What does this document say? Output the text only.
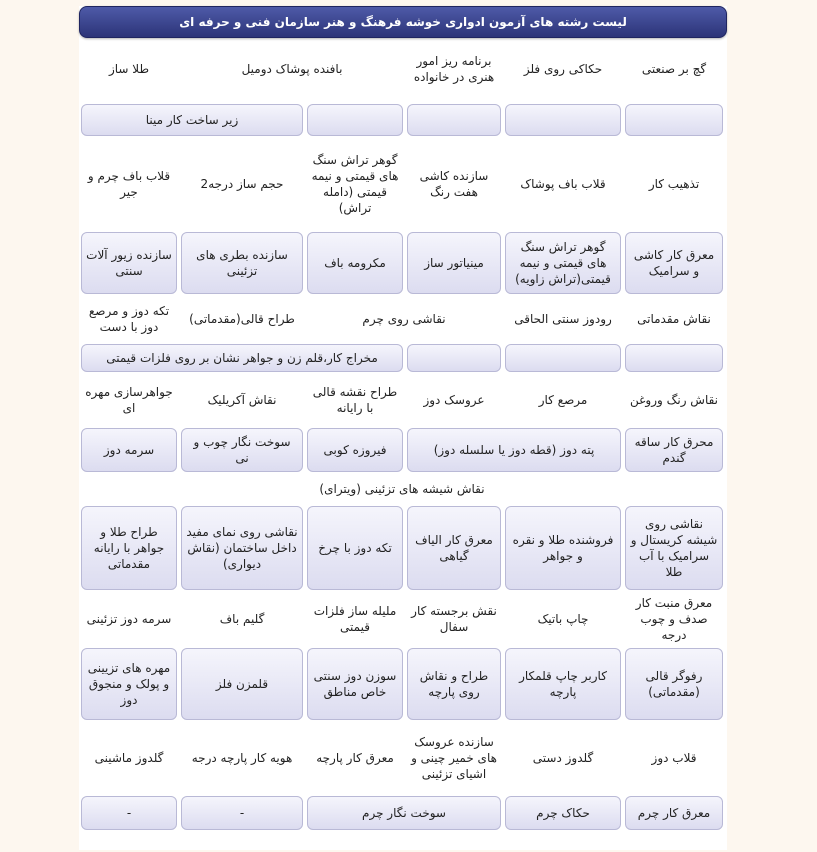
گچ بر صنعتی
حکاکی روی فلز
برنامه ریز امور هنری در خانواده
بافنده پوشاک دومیل
طلا ساز
زیر ساخت کار مینا
تذهیب کار
قلاب باف پوشاک
سازنده کاشی هفت رنگ
گوهر تراش سنگ های قیمتی و نیمه قیمتی (دامله تراش)
حجم ساز درجه2
قلاب باف چرم و جیر
معرق کار کاشی و سرامیک
گوهر تراش سنگ های قیمتی و نیمه قیمتی(تراش زاویه)
مینیاتور ساز
مکرومه باف
سازنده بطری های تزئینی
سازنده زیور آلات سنتی
نقاش مقدماتی
رودوز سنتی الحاقی
نقاشی روی چرم
طراح قالی(مقدماتی)
تکه دوز و مرصع دوز با دست
مخراج کار،قلم زن و جواهر نشان بر روی فلزات قیمتی
نقاش رنگ وروغن
مرصع کار
عروسک دوز
طراح نقشه قالی با رایانه
نقاش آکریلیک
جواهرسازی مهره ای
محرق کار ساقه گندم
پته دوز (قطه دوز یا سلسله دوز)
فیروزه کوبی
سوخت نگار چوب و نی
سرمه دوز
نقاش شیشه های تزئینی (ویترای)
نقاشی روی شیشه کریستال و سرامیک با آب طلا
فروشنده طلا و نقره و جواهر
معرق کار الیاف گیاهی
تکه دوز با چرخ
نقاشی روی نمای مفید داخل ساختمان (نقاش دیواری)
طراح طلا و جواهر با رایانه مقدماتی
معرق منبت کار صدف و چوب درجه
چاپ باتیک
نقش برجسته کار سفال
ملیله ساز فلزات قیمتی
گلیم باف
سرمه دوز تزئینی
رفوگر قالی (مقدماتی)
کاربر چاپ قلمکار پارچه
طراح و نقاش روی پارچه
سوزن دوز سنتی خاص مناطق
قلمزن فلز
مهره های تزیینی و پولک و منجوق دوز
قلاب دوز
گلدوز دستی
سازنده عروسک های خمیر چینی و اشیای تزئینی
معرق کار پارچه
هویه کار پارچه درجه
گلدوز ماشینی
معرق کار چرم
حکاک چرم
سوخت نگار چرم
-
-
لیست رشته های آزمون ادواری خوشه فرهنگ و هنر سازمان فنی و حرفه ای
